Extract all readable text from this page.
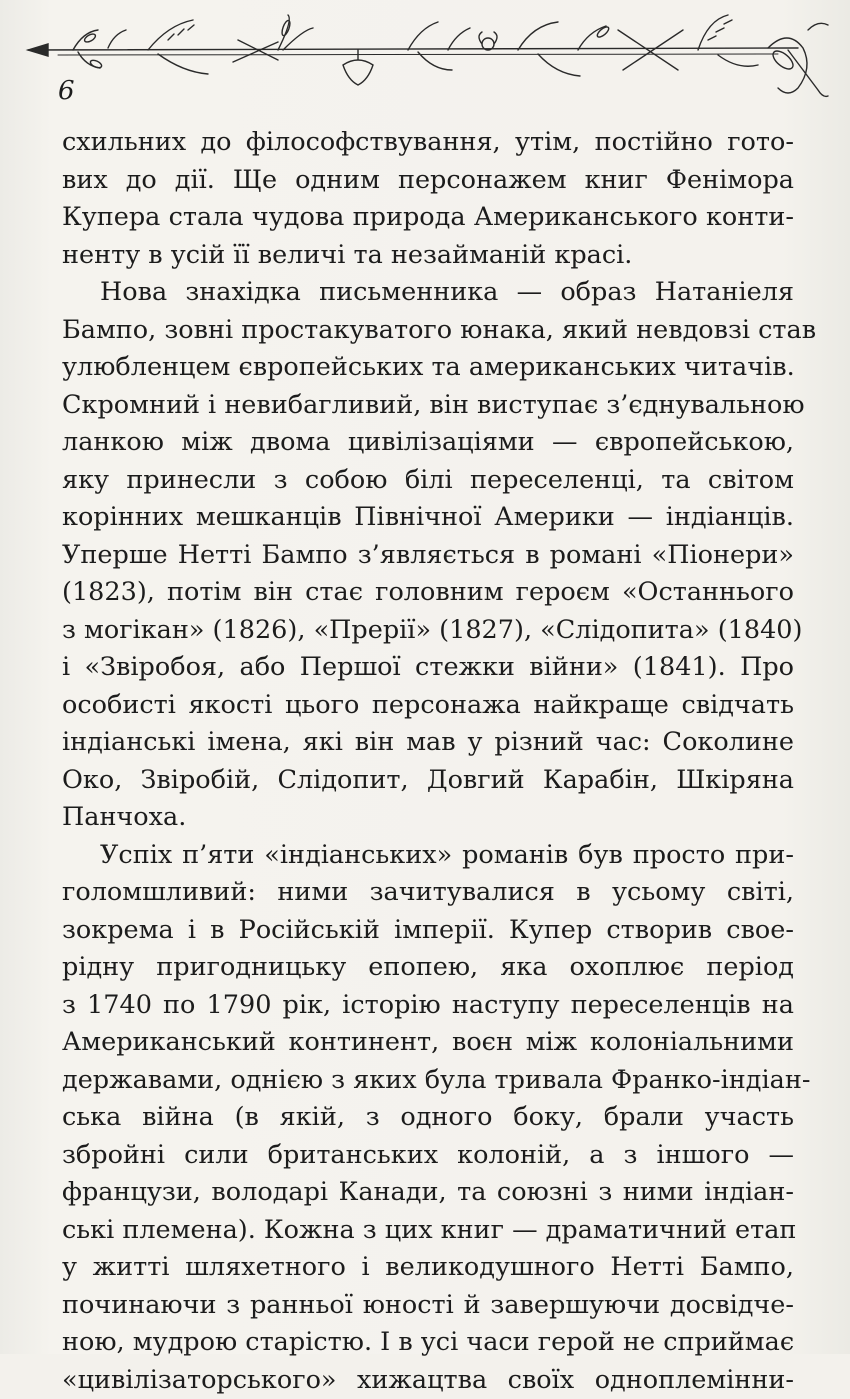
6
схильних до філософствування, утім, постійно гото-
вих до дії. Ще одним персонажем книг Фенімора
Купера стала чудова природа Американського конти-
ненту в усій її величі та незайманій красі.
Нова знахідка письменника — образ Натаніеля
Бампо, зовні простакуватого юнака, який невдовзі став
улюбленцем європейських та американських читачів.
Скромний і невибагливий, він виступає з’єднувальною
ланкою між двома цивілізаціями — європейською,
яку принесли з собою білі переселенці, та світом
корінних мешканців Північної Америки — індіанців.
Уперше Нетті Бампо з’являється в романі «Піонери»
(1823), потім він стає головним героєм «Останнього
з могікан» (1826), «Прерії» (1827), «Слідопита» (1840)
і «Звіробоя, або Першої стежки війни» (1841). Про
особисті якості цього персонажа найкраще свідчать
індіанські імена, які він мав у різний час: Соколине
Око, Звіробій, Слідопит, Довгий Карабін, Шкіряна
Панчоха.
Успіх п’яти «індіанських» романів був просто при-
голомшливий: ними зачитувалися в усьому світі,
зокрема і в Російській імперії. Купер створив свое-
рідну пригодницьку епопею, яка охоплює період
з 1740 по 1790 рік, історію наступу переселенців на
Американський континент, воєн між колоніальними
державами, однією з яких була тривала Франко-індіан-
ська війна (в якій, з одного боку, брали участь
збройні сили британських колоній, а з іншого —
французи, володарі Канади, та союзні з ними індіан-
ські племена). Кожна з цих книг — драматичний етап
у житті шляхетного і великодушного Нетті Бампо,
починаючи з ранньої юності й завершуючи досвідче-
ною, мудрою старістю. І в усі часи герой не сприймає
«цивілізаторського» хижацтва своїх одноплемінни-
